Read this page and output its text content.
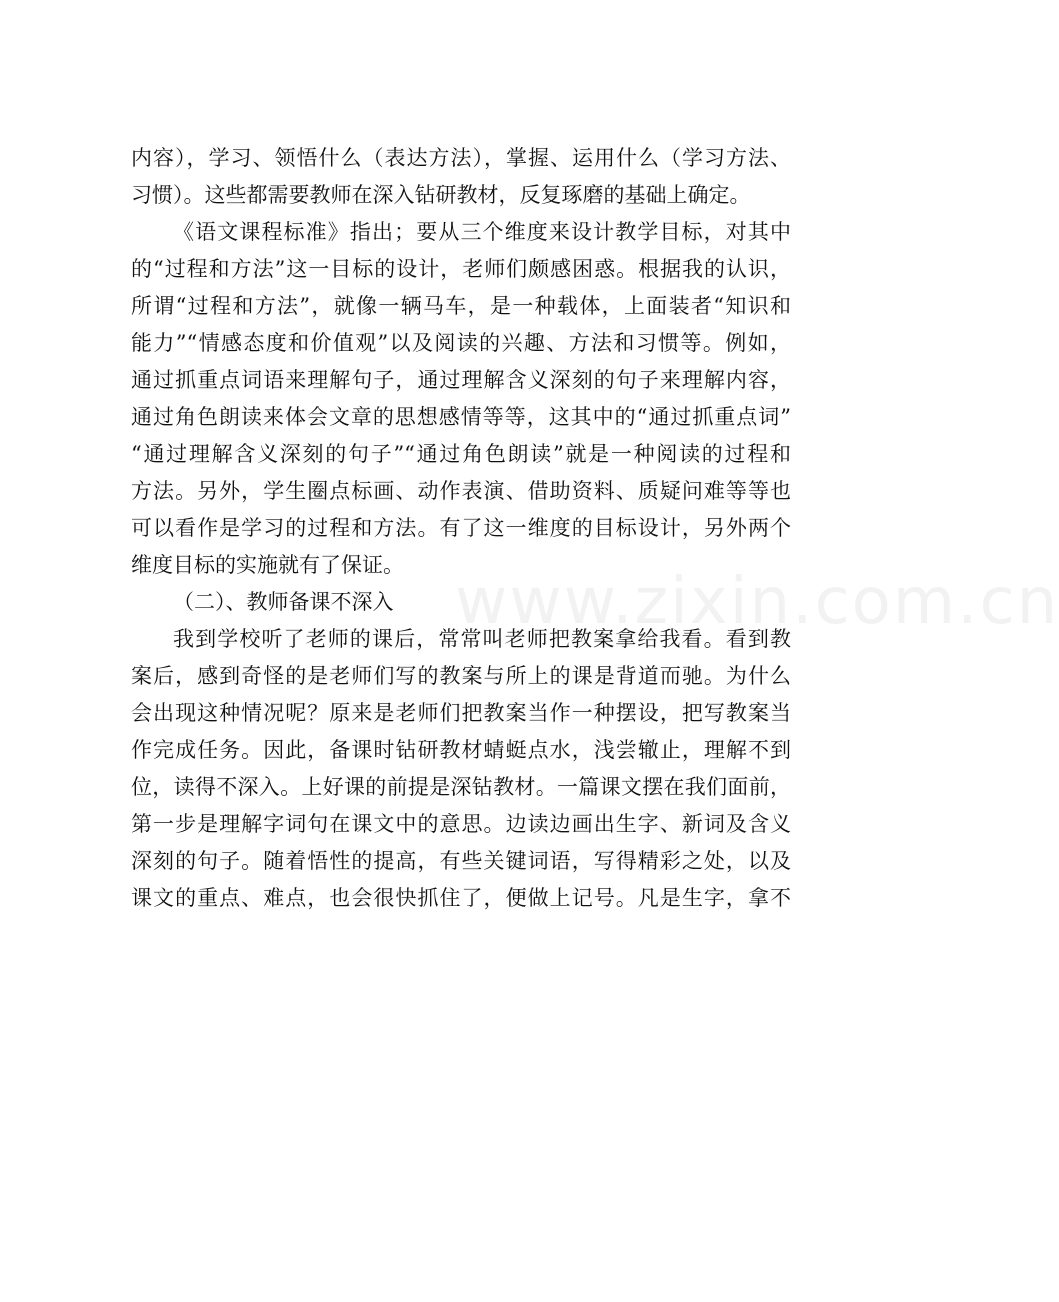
内容），学习、领悟什么（表达方法），掌握、运用什么（学习方法、
习惯）。这些都需要教师在深入钻研教材，反复琢磨的基础上确定。
《语文课程标准》指出；要从三个维度来设计教学目标，对其中
的“过程和方法”这一目标的设计，老师们颇感困惑。根据我的认识，
所谓“过程和方法”，就像一辆马车，是一种载体，上面装者“知识和
能力”“情感态度和价值观”以及阅读的兴趣、方法和习惯等。例如，
通过抓重点词语来理解句子，通过理解含义深刻的句子来理解内容，
通过角色朗读来体会文章的思想感情等等，这其中的“通过抓重点词”
“通过理解含义深刻的句子”“通过角色朗读”就是一种阅读的过程和
方法。另外，学生圈点标画、动作表演、借助资料、质疑问难等等也
可以看作是学习的过程和方法。有了这一维度的目标设计，另外两个
维度目标的实施就有了保证。
（二）、教师备课不深入
我到学校听了老师的课后，常常叫老师把教案拿给我看。看到教
案后，感到奇怪的是老师们写的教案与所上的课是背道而驰。为什么
会出现这种情况呢？原来是老师们把教案当作一种摆设，把写教案当
作完成任务。因此，备课时钻研教材蜻蜓点水，浅尝辙止，理解不到
位，读得不深入。上好课的前提是深钻教材。一篇课文摆在我们面前，
第一步是理解字词句在课文中的意思。边读边画出生字、新词及含义
深刻的句子。随着悟性的提高，有些关键词语，写得精彩之处，以及
课文的重点、难点，也会很快抓住了，便做上记号。凡是生字，拿不
www.zixin.com.cn
